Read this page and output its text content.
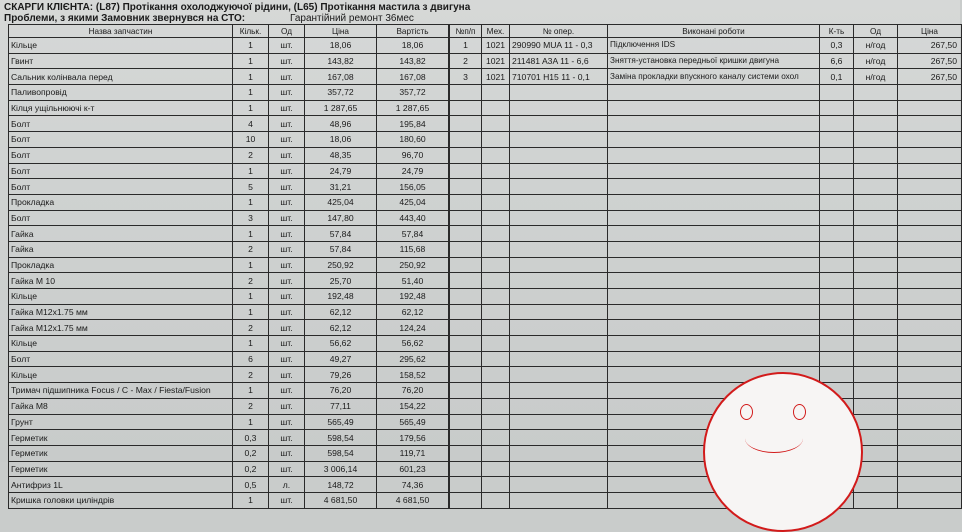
СКАРГИ КЛІЄНТА: (L87) Протікання охолоджуючої рідини, (L65) Протікання мастила з двигуна
Проблеми, з якими Замовник звернувся на СТО:	Гарантійний ремонт 36мес
Назва запчастин	Кільк.	Од	Ціна	Вартість
Кільце	1	шт.	18,06	18,06
Гвинт	1	шт.	143,82	143,82
Сальник колінвала перед	1	шт.	167,08	167,08
Паливопровід	1	шт.	357,72	357,72
Кілця ущільнюючі к-т	1	шт.	1 287,65	1 287,65
Болт	4	шт.	48,96	195,84
Болт	10	шт.	18,06	180,60
Болт	2	шт.	48,35	96,70
Болт	1	шт.	24,79	24,79
Болт	5	шт.	31,21	156,05
Прокладка	1	шт.	425,04	425,04
Болт	3	шт.	147,80	443,40
Гайка	1	шт.	57,84	57,84
Гайка	2	шт.	57,84	115,68
Прокладка	1	шт.	250,92	250,92
Гайка М 10	2	шт.	25,70	51,40
Кільце	1	шт.	192,48	192,48
Гайка М12х1.75 мм	1	шт.	62,12	62,12
Гайка М12х1.75 мм	2	шт.	62,12	124,24
Кільце	1	шт.	56,62	56,62
Болт	6	шт.	49,27	295,62
Кільце	2	шт.	79,26	158,52
Тримач підшипника Focus / C - Max / Fiesta/Fusion	1	шт.	76,20	76,20
Гайка М8	2	шт.	77,11	154,22
Грунт	1	шт.	565,49	565,49
Герметик	0,3	шт.	598,54	179,56
Герметик	0,2	шт.	598,54	119,71
Герметик	0,2	шт.	3 006,14	601,23
Антифриз 1L	0,5	л.	148,72	74,36
Кришка головки циліндрів	1	шт.	4 681,50	4 681,50
№п/п	Мех.	№ опер.	Виконані роботи	К-ть	Од	Ціна
1	1021	290990 MUA 11 - 0,3	Підключення IDS	0,3	н/год	267,50
2	1021	211481 A3A 11 - 6,6	Зняття-установка передньої кришки двигуна	6,6	н/год	267,50
3	1021	710701 H15 11 - 0,1	Заміна прокладки впускного каналу системи охол	0,1	н/год	267,50
